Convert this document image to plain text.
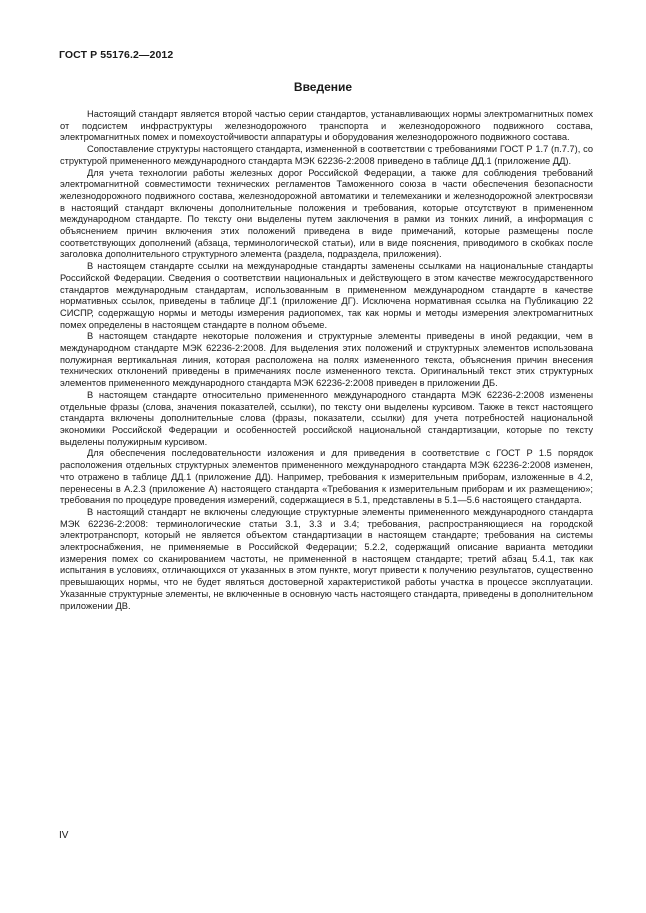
ГОСТ Р 55176.2—2012
Введение

Настоящий стандарт является второй частью серии стандартов, устанавливающих нормы электромагнитных помех от подсистем инфраструктуры железнодорожного транспорта и железнодорожного подвижного состава, электромагнитных помех и помехоустойчивости аппаратуры и оборудования железнодорожного подвижного состава.

Сопоставление структуры настоящего стандарта, измененной в соответствии с требованиями ГОСТ Р 1.7 (п.7.7), со структурой примененного международного стандарта МЭК 62236-2:2008 приведено в таблице ДД.1 (приложение ДД).

Для учета технологии работы железных дорог Российской Федерации, а также для соблюдения требований электромагнитной совместимости технических регламентов Таможенного союза в части обеспечения безопасности железнодорожного подвижного состава, железнодорожной автоматики и телемеханики и железнодорожной электросвязи в настоящий стандарт включены дополнительные положения и требования, которые отсутствуют в примененном международном стандарте. По тексту они выделены путем заключения в рамки из тонких линий, а информация с объяснением причин включения этих положений приведена в виде примечаний, которые размещены после соответствующих дополнений (абзаца, терминологической статьи), или в виде пояснения, приводимого в скобках после заголовка дополнительного структурного элемента (раздела, подраздела, приложения).

В настоящем стандарте ссылки на международные стандарты заменены ссылками на национальные стандарты Российской Федерации. Сведения о соответствии национальных и действующего в этом качестве межгосударственного стандартов международным стандартам, использованным в примененном международном стандарте в качестве нормативных ссылок, приведены в таблице ДГ.1 (приложение ДГ). Исключена нормативная ссылка на Публикацию 22 СИСПР, содержащую нормы и методы измерения радиопомех, так как нормы и методы измерения электромагнитных помех определены в настоящем стандарте в полном объеме.

В настоящем стандарте некоторые положения и структурные элементы приведены в иной редакции, чем в международном стандарте МЭК 62236-2:2008. Для выделения этих положений и структурных элементов использована полужирная вертикальная линия, которая расположена на полях измененного текста, объяснения причин внесения технических отклонений приведены в примечаниях после измененного текста. Оригинальный текст этих структурных элементов примененного международного стандарта МЭК 62236-2:2008 приведен в приложении ДБ.

В настоящем стандарте относительно примененного международного стандарта МЭК 62236-2:2008 изменены отдельные фразы (слова, значения показателей, ссылки), по тексту они выделены курсивом. Также в текст настоящего стандарта включены дополнительные слова (фразы, показатели, ссылки) для учета потребностей национальной экономики Российской Федерации и особенностей российской национальной стандартизации, которые по тексту выделены полужирным курсивом.

Для обеспечения последовательности изложения и для приведения в соответствие с ГОСТ Р 1.5 порядок расположения отдельных структурных элементов примененного международного стандарта МЭК 62236-2:2008 изменен, что отражено в таблице ДД.1 (приложение ДД). Например, требования к измерительным приборам, изложенные в 4.2, перенесены в А.2.3 (приложение А) настоящего стандарта «Требования к измерительным приборам и их размещению»; требования по процедуре проведения измерений, содержащиеся в 5.1, представлены в 5.1—5.6 настоящего стандарта.

В настоящий стандарт не включены следующие структурные элементы примененного международного стандарта МЭК 62236-2:2008: терминологические статьи 3.1, 3.3 и 3.4; требования, распространяющиеся на городской электротранспорт, который не является объектом стандартизации в настоящем стандарте; требования на системы электроснабжения, не применяемые в Российской Федерации; 5.2.2, содержащий описание варианта методики измерения помех со сканированием частоты, не примененной в настоящем стандарте; третий абзац 5.4.1, так как испытания в условиях, отличающихся от указанных в этом пункте, могут привести к получению результатов, существенно превышающих нормы, что не будет являться достоверной характеристикой работы участка в процессе эксплуатации. Указанные структурные элементы, не включенные в основную часть настоящего стандарта, приведены в дополнительном приложении ДВ.

IV
